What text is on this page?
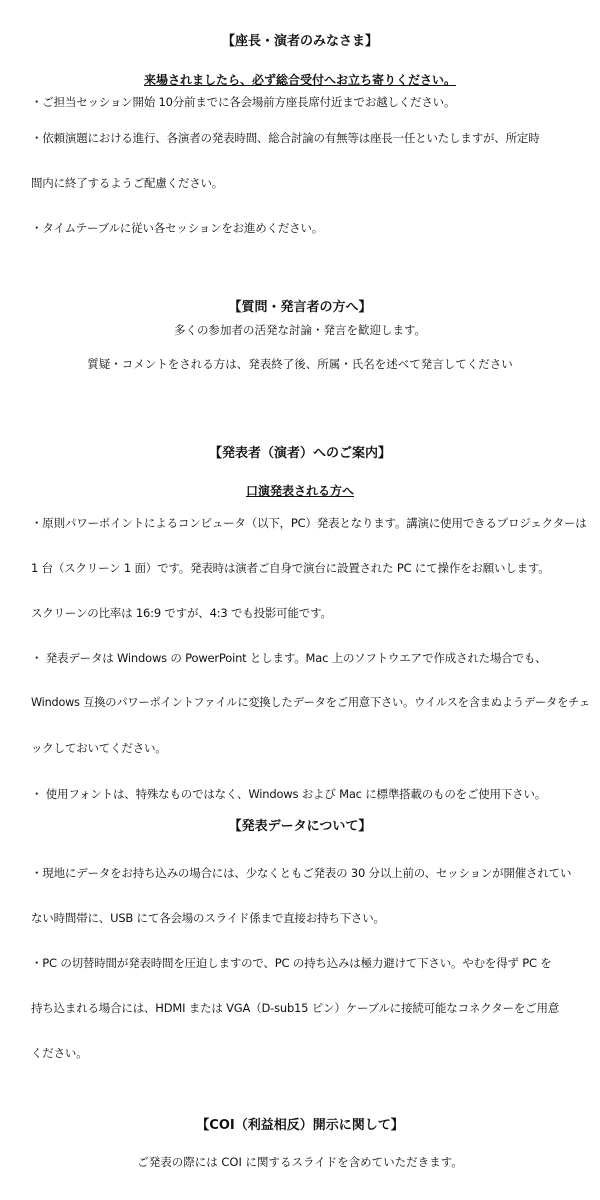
【座長・演者のみなさま】
来場されましたら、必ず総合受付へお立ち寄りください。
・ご担当セッション開始 10分前までに各会場前方座長席付近までお越しください。
・依頼演題における進行、各演者の発表時間、総合討論の有無等は座長一任といたしますが、所定時
間内に終了するようご配慮ください。
・タイムテーブルに従い各セッションをお進めください。
【質問・発言者の方へ】
多くの参加者の活発な討論・発言を歓迎します。
質疑・コメントをされる方は、発表終了後、所属・氏名を述べて発言してください
【発表者（演者）へのご案内】
口演発表される方へ
・原則パワーポイントによるコンピュータ（以下，PC）発表となります。講演に使用できるプロジェクターは
1 台（スクリーン 1 面）です。発表時は演者ご自身で演台に設置された PC にて操作をお願いします。
スクリーンの比率は 16:9 ですが、4:3 でも投影可能です。
・ 発表データは Windows の PowerPoint とします。Mac 上のソフトウエアで作成された場合でも、
Windows 互換のパワーポイントファイルに変換したデータをご用意下さい。ウイルスを含まぬようデータをチェ
ックしておいてください。
・ 使用フォントは、特殊なものではなく、Windows および Mac に標準搭載のものをご使用下さい。
【発表データについて】
・現地にデータをお持ち込みの場合には、少なくともご発表の 30 分以上前の、セッションが開催されてい
ない時間帯に、USB にて各会場のスライド係まで直接お持ち下さい。
・PC の切替時間が発表時間を圧迫しますので、PC の持ち込みは極力避けて下さい。やむを得ず PC を
持ち込まれる場合には、HDMI または VGA（D-sub15 ピン）ケーブルに接続可能なコネクターをご用意
ください。
【COI（利益相反）開示に関して】
ご発表の際には COI に関するスライドを含めていただきます。
